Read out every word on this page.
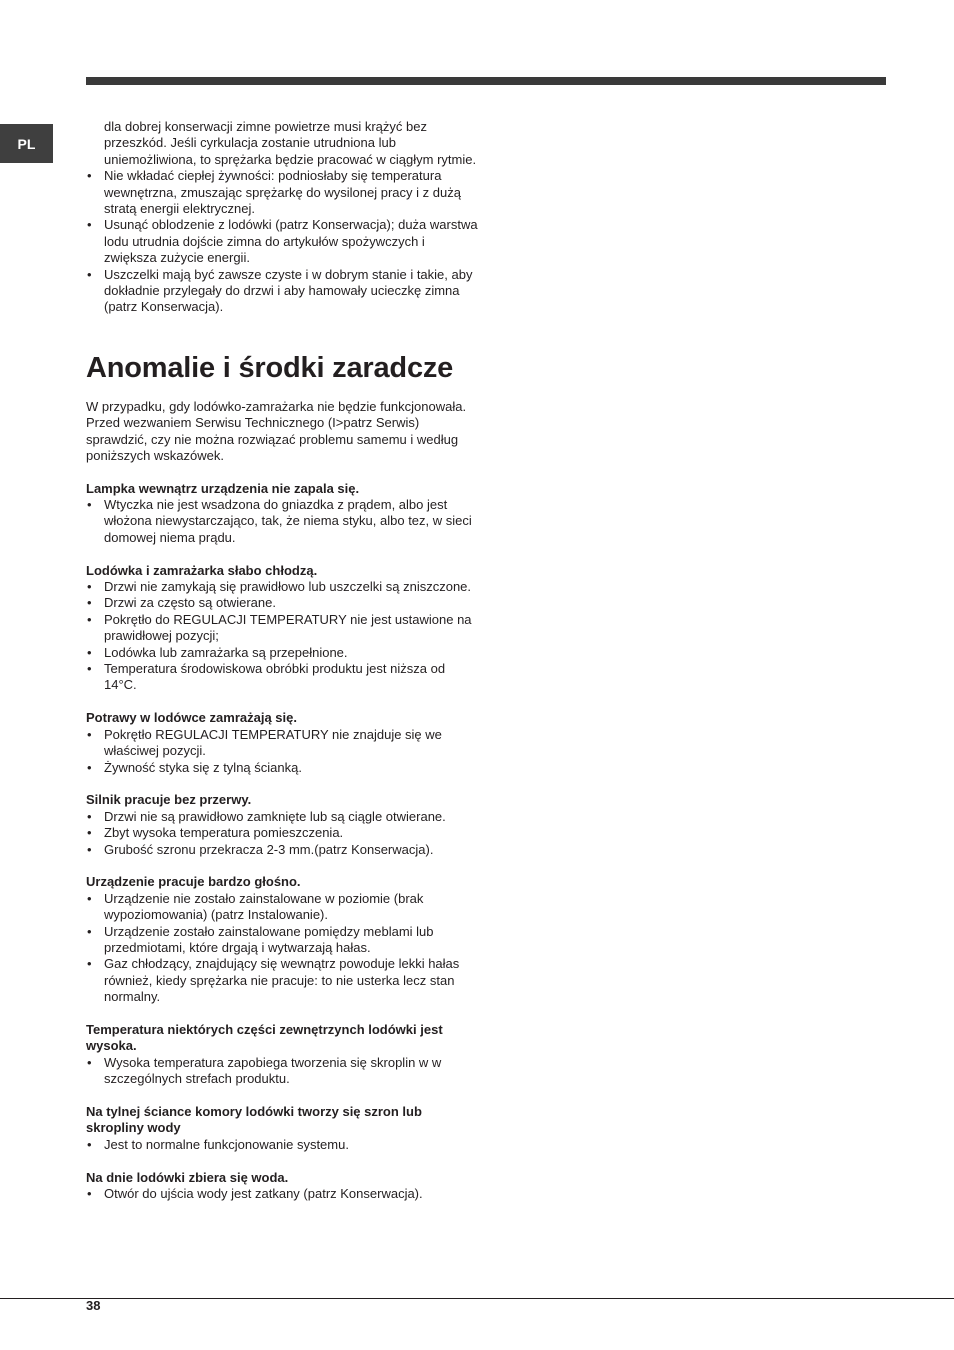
PL

dla dobrej konserwacji zimne powietrze musi krążyć bez przeszkód. Jeśli cyrkulacja zostanie utrudniona lub uniemożliwiona, to sprężarka będzie pracować w ciągłym rytmie.

• Nie wkładać ciepłej żywności: podniosłaby się temperatura wewnętrzna, zmuszając sprężarkę do wysilonej pracy i z dużą stratą energii elektrycznej.
• Usunąć oblodzenie z lodówki (patrz Konserwacja); duża warstwa lodu utrudnia dojście zimna do artykułów spożywczych i zwiększa zużycie energii.
• Uszczelki mają być zawsze czyste i w dobrym stanie i takie, aby dokładnie przylegały do drzwi i aby hamowały ucieczkę zimna (patrz Konserwacja).
Anomalie i środki zaradcze

W przypadku, gdy lodówko-zamrażarka nie będzie funkcjonowała. Przed wezwaniem Serwisu Technicznego (I>patrz Serwis) sprawdzić, czy nie można rozwiązać problemu samemu i według poniższych wskazówek.

Lampka wewnątrz urządzenia nie zapala się.
• Wtyczka nie jest wsadzona do gniazdka z prądem, albo jest włożona niewystarczająco, tak, że niema styku, albo tez, w sieci domowej niema prądu.
Lodówka i zamrażarka słabo chłodzą.
• Drzwi nie zamykają się prawidłowo lub uszczelki są zniszczone.
• Drzwi za często są otwierane.
• Pokrętło do REGULACJI TEMPERATURY nie jest ustawione na prawidłowej pozycji;
• Lodówka lub zamrażarka są przepełnione.
• Temperatura środowiskowa obróbki produktu jest niższa od 14°C.
Potrawy w lodówce zamrażają się.
• Pokrętło REGULACJI TEMPERATURY nie znajduje się we właściwej pozycji.
• Żywność styka się z tylną ścianką.
Silnik pracuje bez przerwy.
• Drzwi nie są prawidłowo zamknięte lub są ciągle otwierane.
• Zbyt wysoka temperatura pomieszczenia.
• Grubość szronu przekracza 2-3 mm.(patrz Konserwacja).
Urządzenie pracuje bardzo głośno.
• Urządzenie nie zostało zainstalowane w poziomie (brak wypoziomowania) (patrz Instalowanie).
• Urządzenie zostało zainstalowane pomiędzy meblami lub przedmiotami, które drgają i wytwarzają hałas.
• Gaz chłodzący, znajdujący się wewnątrz powoduje lekki hałas również, kiedy sprężarka nie pracuje: to nie usterka lecz stan normalny.
Temperatura niektórych części zewnętrzynch lodówki jest wysoka.
• Wysoka temperatura zapobiega tworzenia się skroplin w w szczególnych strefach produktu.
Na tylnej ściance komory lodówki tworzy się szron lub skropliny wody
• Jest to normalne funkcjonowanie systemu.
Na dnie lodówki zbiera się woda.
• Otwór do ujścia wody jest zatkany (patrz Konserwacja).
38
